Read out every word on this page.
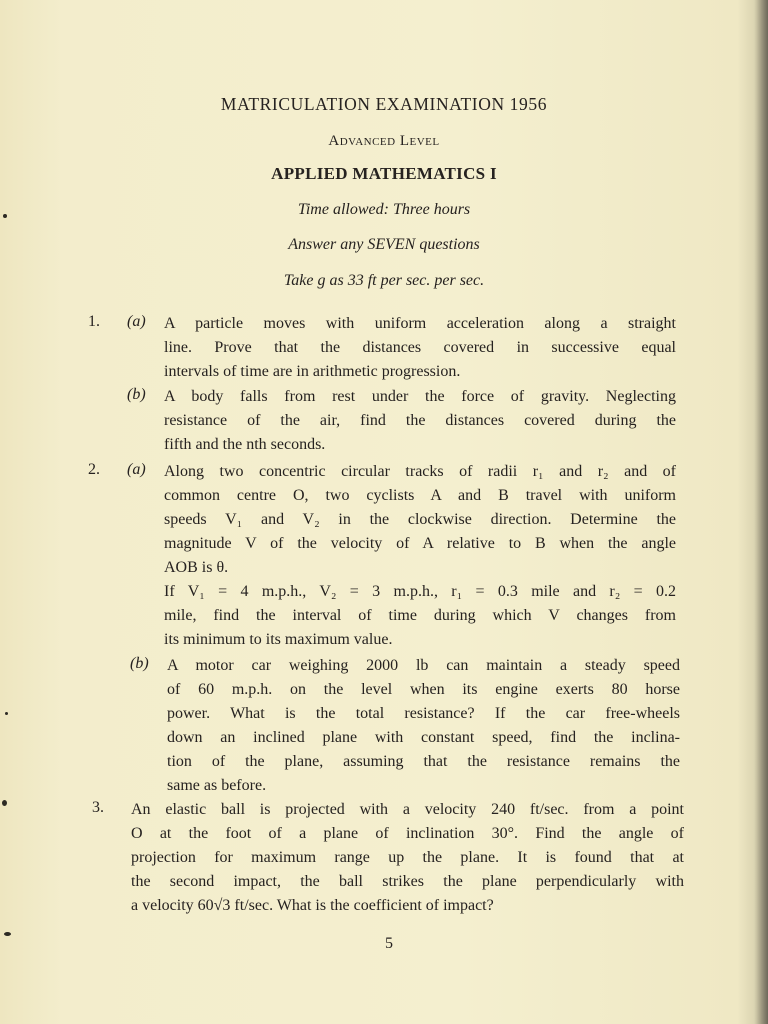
MATRICULATION EXAMINATION 1956
Advanced Level
APPLIED MATHEMATICS I
Time allowed: Three hours
Answer any SEVEN questions
Take g as 33 ft per sec. per sec.
1. (a) A particle moves with uniform acceleration along a straight
line. Prove that the distances covered in successive equal
intervals of time are in arithmetic progression.
(b) A body falls from rest under the force of gravity. Neglecting
resistance of the air, find the distances covered during the
fifth and the nth seconds.
2. (a) Along two concentric circular tracks of radii r₁ and r₂ and of
common centre O, two cyclists A and B travel with uniform
speeds V₁ and V₂ in the clockwise direction. Determine the
magnitude V of the velocity of A relative to B when the angle
AOB is θ.
If V₁ = 4 m.p.h., V₂ = 3 m.p.h., r₁ = 0.3 mile and r₂ = 0.2
mile, find the interval of time during which V changes from
its minimum to its maximum value.
(b) A motor car weighing 2000 lb can maintain a steady speed
of 60 m.p.h. on the level when its engine exerts 80 horse
power. What is the total resistance? If the car free-wheels
down an inclined plane with constant speed, find the inclina-
tion of the plane, assuming that the resistance remains the
same as before.
3. An elastic ball is projected with a velocity 240 ft/sec. from a point
O at the foot of a plane of inclination 30°. Find the angle of
projection for maximum range up the plane. It is found that at
the second impact, the ball strikes the plane perpendicularly with
a velocity 60√3 ft/sec. What is the coefficient of impact?
5
